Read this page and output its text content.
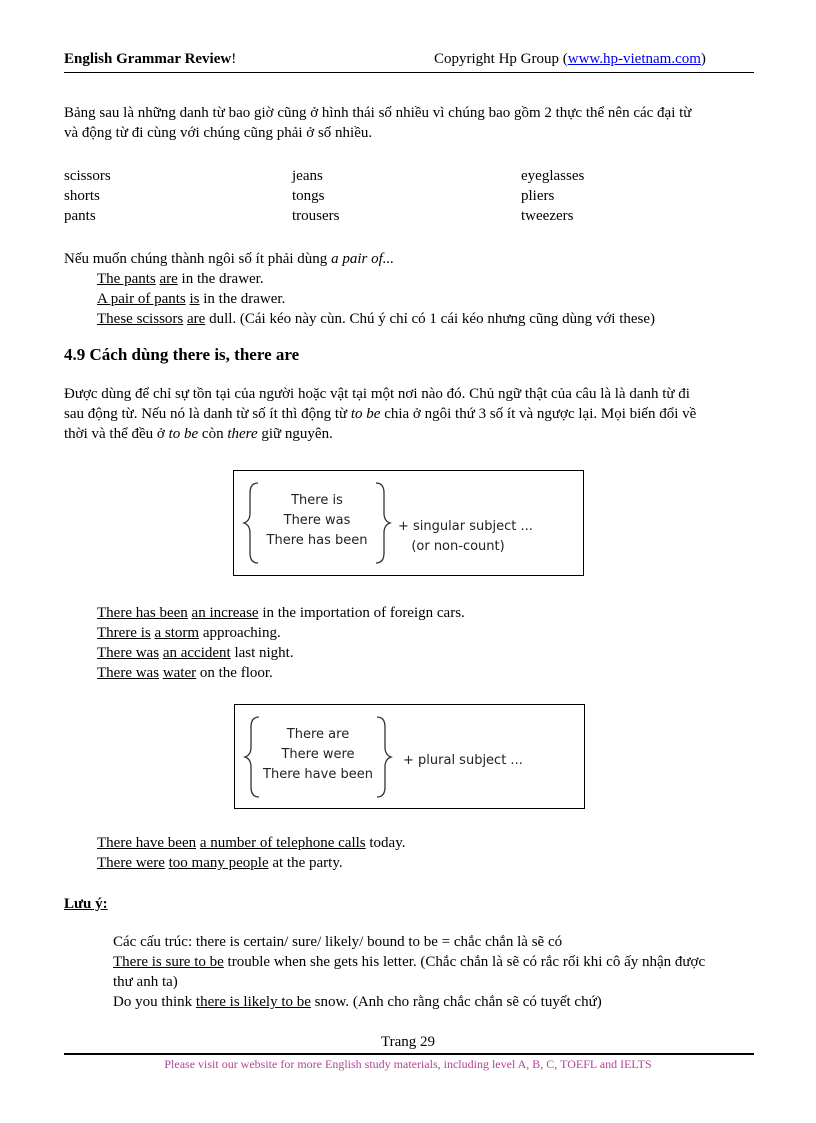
English Grammar Review!	Copyright Hp Group (www.hp-vietnam.com)
Bảng sau là những danh từ bao giờ cũng ở hình thái số nhiều vì chúng bao gồm 2 thực thể nên các đại từ
và động từ đi cùng với chúng cũng phải ở số nhiều.
scissors
shorts
pants
jeans
tongs
trousers
eyeglasses
pliers
tweezers
Nếu muốn chúng thành ngôi số ít phải dùng a pair of...
The pants are in the drawer.
A pair of pants is in the drawer.
These scissors are dull. (Cái kéo này cùn. Chú ý chỉ có 1 cái kéo nhưng cũng dùng với these)
4.9 Cách dùng there is, there are
Được dùng để chỉ sự tồn tại của người hoặc vật tại một nơi nào đó. Chủ ngữ thật của câu là là danh từ đi
sau động từ. Nếu nó là danh từ số ít thì động từ to be chia ở ngôi thứ 3 số ít và ngược lại. Mọi biến đổi về
thời và thể đều ở to be còn there giữ nguyên.
There is
There was
There has been
+ singular subject ...
(or non-count)
There has been an increase in the importation of foreign cars.
Threre is a storm approaching.
There was an accident last night.
There was water on the floor.
There are
There were
There have been
+ plural subject ...
There have been a number of telephone calls today.
There were too many people at the party.
Lưu ý:
Các cấu trúc: there is certain/ sure/ likely/ bound to be = chắc chắn là sẽ có
There is sure to be trouble when she gets his letter. (Chắc chắn là sẽ có rắc rối khi cô ấy nhận được
thư anh ta)
Do you think there is likely to be snow. (Anh cho rằng chắc chắn sẽ có tuyết chứ)
Trang 29
Please visit our website for more English study materials, including level A, B, C, TOEFL and IELTS
